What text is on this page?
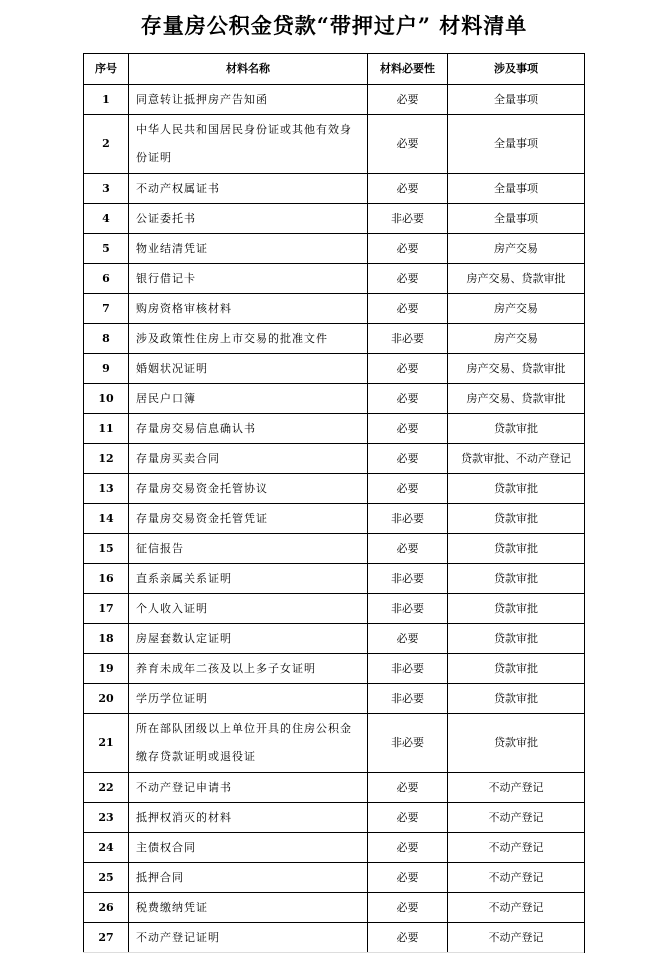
存量房公积金贷款“带押过户” 材料清单
序号	材料名称	材料必要性	涉及事项
1	同意转让抵押房产告知函	必要	全量事项
2	中华人民共和国居民身份证或其他有效身份证明	必要	全量事项
3	不动产权属证书	必要	全量事项
4	公证委托书	非必要	全量事项
5	物业结清凭证	必要	房产交易
6	银行借记卡	必要	房产交易、贷款审批
7	购房资格审核材料	必要	房产交易
8	涉及政策性住房上市交易的批准文件	非必要	房产交易
9	婚姻状况证明	必要	房产交易、贷款审批
10	居民户口簿	必要	房产交易、贷款审批
11	存量房交易信息确认书	必要	贷款审批
12	存量房买卖合同	必要	贷款审批、不动产登记
13	存量房交易资金托管协议	必要	贷款审批
14	存量房交易资金托管凭证	非必要	贷款审批
15	征信报告	必要	贷款审批
16	直系亲属关系证明	非必要	贷款审批
17	个人收入证明	非必要	贷款审批
18	房屋套数认定证明	必要	贷款审批
19	养育未成年二孩及以上多子女证明	非必要	贷款审批
20	学历学位证明	非必要	贷款审批
21	所在部队团级以上单位开具的住房公积金缴存贷款证明或退役证	非必要	贷款审批
22	不动产登记申请书	必要	不动产登记
23	抵押权消灭的材料	必要	不动产登记
24	主债权合同	必要	不动产登记
25	抵押合同	必要	不动产登记
26	税费缴纳凭证	必要	不动产登记
27	不动产登记证明	必要	不动产登记
